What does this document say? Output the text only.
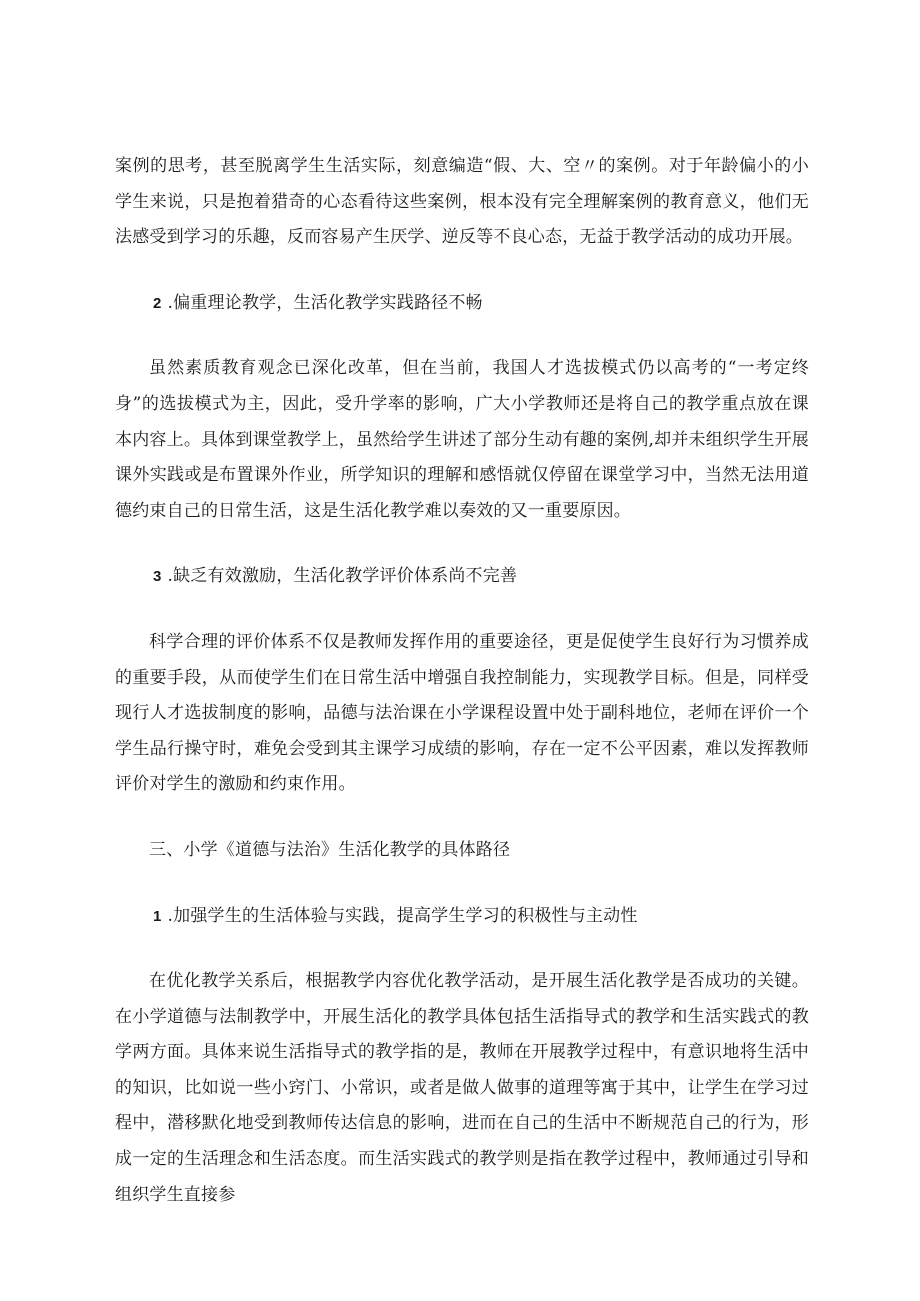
案例的思考，甚至脱离学生生活实际，刻意编造“假、大、空〃的案例。对于年龄偏小的小学生来说，只是抱着猎奇的心态看待这些案例，根本没有完全理解案例的教育意义，他们无法感受到学习的乐趣，反而容易产生厌学、逆反等不良心态，无益于教学活动的成功开展。

2 .偏重理论教学，生活化教学实践路径不畅

虽然素质教育观念已深化改革，但在当前，我国人才选拔模式仍以高考的“一考定终身”的选拔模式为主，因此，受升学率的影响，广大小学教师还是将自己的教学重点放在课本内容上。具体到课堂教学上，虽然给学生讲述了部分生动有趣的案例,却并未组织学生开展课外实践或是布置课外作业，所学知识的理解和感悟就仅停留在课堂学习中，当然无法用道德约束自己的日常生活，这是生活化教学难以奏效的又一重要原因。

3 .缺乏有效激励，生活化教学评价体系尚不完善

科学合理的评价体系不仅是教师发挥作用的重要途径，更是促使学生良好行为习惯养成的重要手段，从而使学生们在日常生活中增强自我控制能力，实现教学目标。但是，同样受现行人才选拔制度的影响，品德与法治课在小学课程设置中处于副科地位，老师在评价一个学生品行操守时，难免会受到其主课学习成绩的影响，存在一定不公平因素，难以发挥教师评价对学生的激励和约束作用。

三、小学《道德与法治》生活化教学的具体路径

1 .加强学生的生活体验与实践，提高学生学习的积极性与主动性

在优化教学关系后，根据教学内容优化教学活动，是开展生活化教学是否成功的关键。在小学道德与法制教学中，开展生活化的教学具体包括生活指导式的教学和生活实践式的教学两方面。具体来说生活指导式的教学指的是，教师在开展教学过程中，有意识地将生活中的知识，比如说一些小窍门、小常识，或者是做人做事的道理等寓于其中，让学生在学习过程中，潜移默化地受到教师传达信息的影响，进而在自己的生活中不断规范自己的行为，形成一定的生活理念和生活态度。而生活实践式的教学则是指在教学过程中，教师通过引导和组织学生直接参
